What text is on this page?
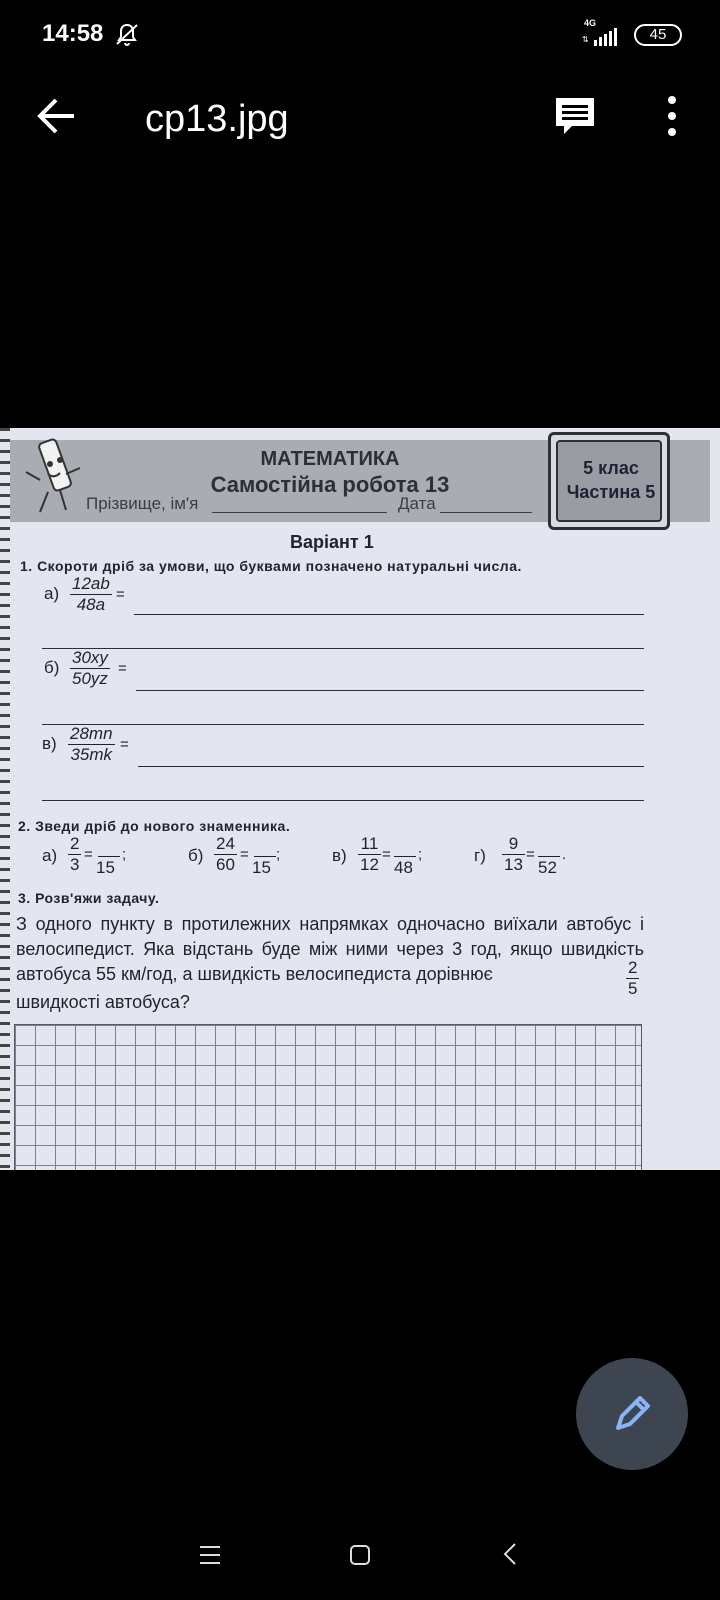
14:58	4G
⇅	45
cp13.jpg
МАТЕМАТИКА
Самостійна робота 13
Прізвище, ім'я	Дата
5 клас
Частина 5
Варіант 1
1. Скороти дріб за умови, що буквами позначено натуральні числа.
$а) \frac{12ab}{48a}$ =
$б) \frac{30xy}{50yz}$ =
$в) \frac{28mn}{35mk}$ =
2. Зведи дріб до нового знаменника.
$а) \frac{2}{3}$ =
15
;	$б) \frac{24}{60}$ =
15
;	$в) \frac{11}{12}$ =
48
;	$г) \frac{9}{13}$ =
52
.
3. Розв'яжи задачу.
З одного пункту в протилежних напрямках одночасно виїхали автобус і велосипедист. Яка відстань буде між ними через 3 год, якщо швидкість автобуса 55 км/год, а швидкість велосипедиста дорівнює	$\frac{2}{5}$
швидкості автобуса?
